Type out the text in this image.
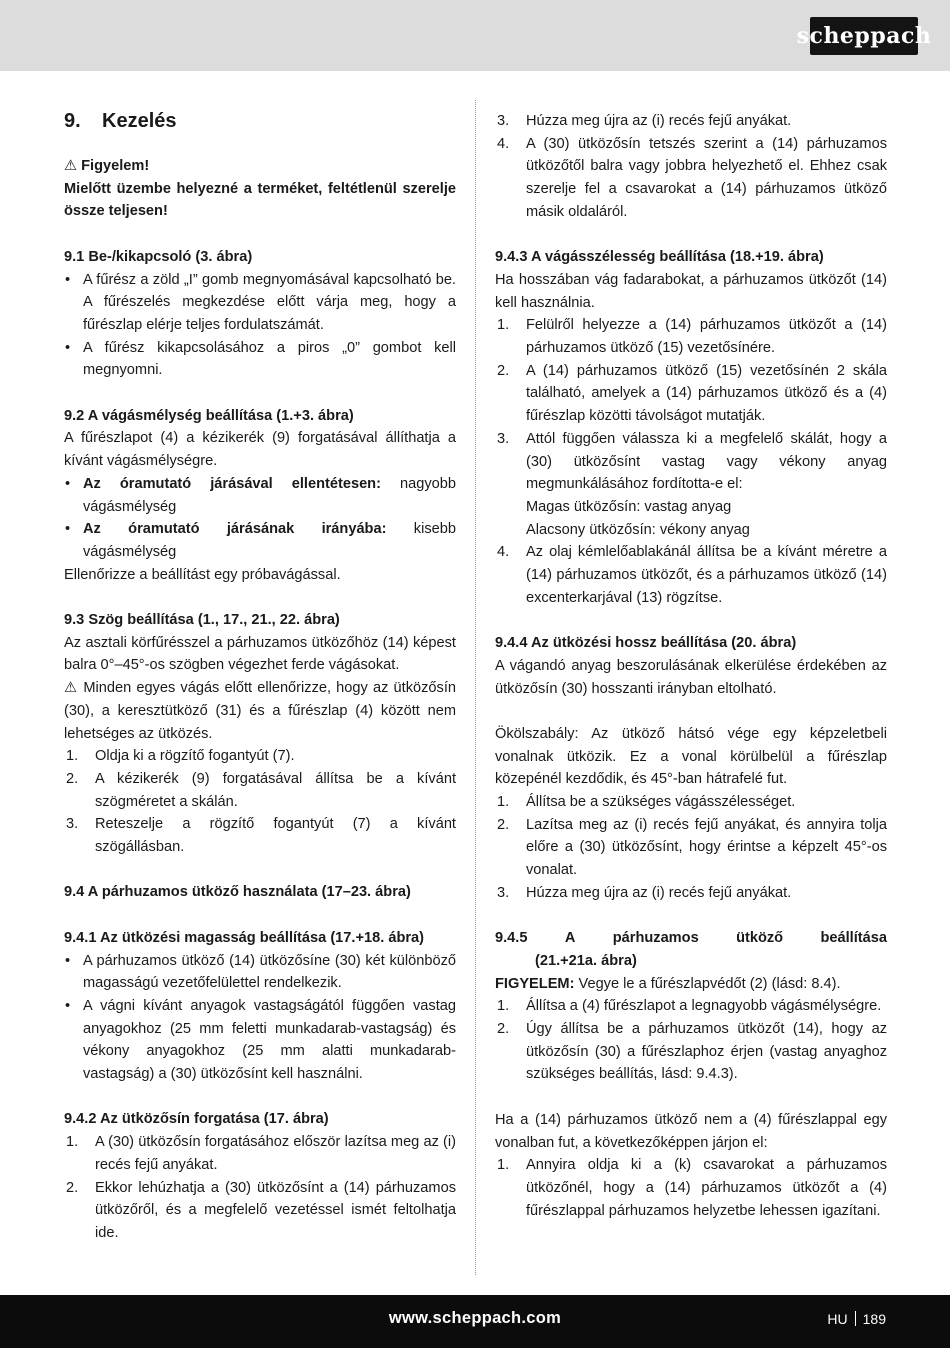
scheppach
9. Kezelés

⚠ Figyelem!

Mielőtt üzembe helyezné a terméket, feltétlenül szerelje össze teljesen!

9.1 Be-/kikapcsoló (3. ábra)

• A fűrész a zöld „I” gomb megnyomásával kapcsolható be. A fűrészelés megkezdése előtt várja meg, hogy a fűrészlap elérje teljes fordulatszámát.
• A fűrész kikapcsolásához a piros „0” gombot kell megnyomni.

9.2 A vágásmélység beállítása (1.+3. ábra)

A fűrészlapot (4) a kézikerék (9) forgatásával állíthatja a kívánt vágásmélységre.

• Az óramutató járásával ellentétesen: nagyobb vágásmélység
• Az óramutató járásának irányába: kisebb vágásmélység

Ellenőrizze a beállítást egy próbavágással.

9.3 Szög beállítása (1., 17., 21., 22. ábra)

Az asztali körfűrésszel a párhuzamos ütközőhöz (14) képest balra 0°–45°-os szögben végezhet ferde vágásokat.

⚠ Minden egyes vágás előtt ellenőrizze, hogy az ütközősín (30), a keresztütköző (31) és a fűrészlap (4) között nem lehetséges az ütközés.

1. Oldja ki a rögzítő fogantyút (7).
2. A kézikerék (9) forgatásával állítsa be a kívánt szögméretet a skálán.
3. Reteszelje a rögzítő fogantyút (7) a kívánt szögállásban.

9.4 A párhuzamos ütköző használata (17–23. ábra)

9.4.1 Az ütközési magasság beállítása (17.+18. ábra)

• A párhuzamos ütköző (14) ütközősíne (30) két különböző magasságú vezetőfelülettel rendelkezik.
• A vágni kívánt anyagok vastagságától függően vastag anyagokhoz (25 mm feletti munkadarab-vastagság) és vékony anyagokhoz (25 mm alatti munkadarab-vastagság) a (30) ütközősínt kell használni.

9.4.2 Az ütközősín forgatása (17. ábra)

1. A (30) ütközősín forgatásához először lazítsa meg az (i) recés fejű anyákat.
2. Ekkor lehúzhatja a (30) ütközősínt a (14) párhuzamos ütközőről, és a megfelelő vezetéssel ismét feltolhatja ide.
3. Húzza meg újra az (i) recés fejű anyákat.
4. A (30) ütközősín tetszés szerint a (14) párhuzamos ütközőtől balra vagy jobbra helyezhető el. Ehhez csak szerelje fel a csavarokat a (14) párhuzamos ütköző másik oldaláról.

9.4.3 A vágásszélesség beállítása (18.+19. ábra)

Ha hosszában vág fadarabokat, a párhuzamos ütközőt (14) kell használnia.

1. Felülről helyezze a (14) párhuzamos ütközőt a (14) párhuzamos ütköző (15) vezetősínére.
2. A (14) párhuzamos ütköző (15) vezetősínén 2 skála található, amelyek a (14) párhuzamos ütköző és a (4) fűrészlap közötti távolságot mutatják.
3. Attól függően válassza ki a megfelelő skálát, hogy a (30) ütközősínt vastag vagy vékony anyag megmunkálásához fordította-e el:

Magas ütközősín: vastag anyag

Alacsony ütközősín: vékony anyag

4. Az olaj kémlelőablakánál állítsa be a kívánt méretre a (14) párhuzamos ütközőt, és a párhuzamos ütköző (14) excenterkarjával (13) rögzítse.

9.4.4 Az ütközési hossz beállítása (20. ábra)

A vágandó anyag beszorulásának elkerülése érdekében az ütközősín (30) hosszanti irányban eltolható.

Ökölszabály: Az ütköző hátsó vége egy képzeletbeli vonalnak ütközik. Ez a vonal körülbelül a fűrészlap közepénél kezdődik, és 45°-ban hátrafelé fut.

1. Állítsa be a szükséges vágásszélességet.
2. Lazítsa meg az (i) recés fejű anyákat, és annyira tolja előre a (30) ütközősínt, hogy érintse a képzelt 45°-os vonalat.
3. Húzza meg újra az (i) recés fejű anyákat.
9.4.5	A	párhuzamos	ütköző	beállítása

(21.+21a. ábra)

FIGYELEM: Vegye le a fűrészlapvédőt (2) (lásd: 8.4).

1. Állítsa a (4) fűrészlapot a legnagyobb vágásmélységre.
2. Úgy állítsa be a párhuzamos ütközőt (14), hogy az ütközősín (30) a fűrészlaphoz érjen (vastag anyaghoz szükséges beállítás, lásd: 9.4.3).

Ha a (14) párhuzamos ütköző nem a (4) fűrészlappal egy vonalban fut, a következőképpen járjon el:

1. Annyira oldja ki a (k) csavarokat a párhuzamos ütközőnél, hogy a (14) párhuzamos ütközőt a (4) fűrészlappal párhuzamos helyzetbe lehessen igazítani.
www.scheppach.com	HU 189
